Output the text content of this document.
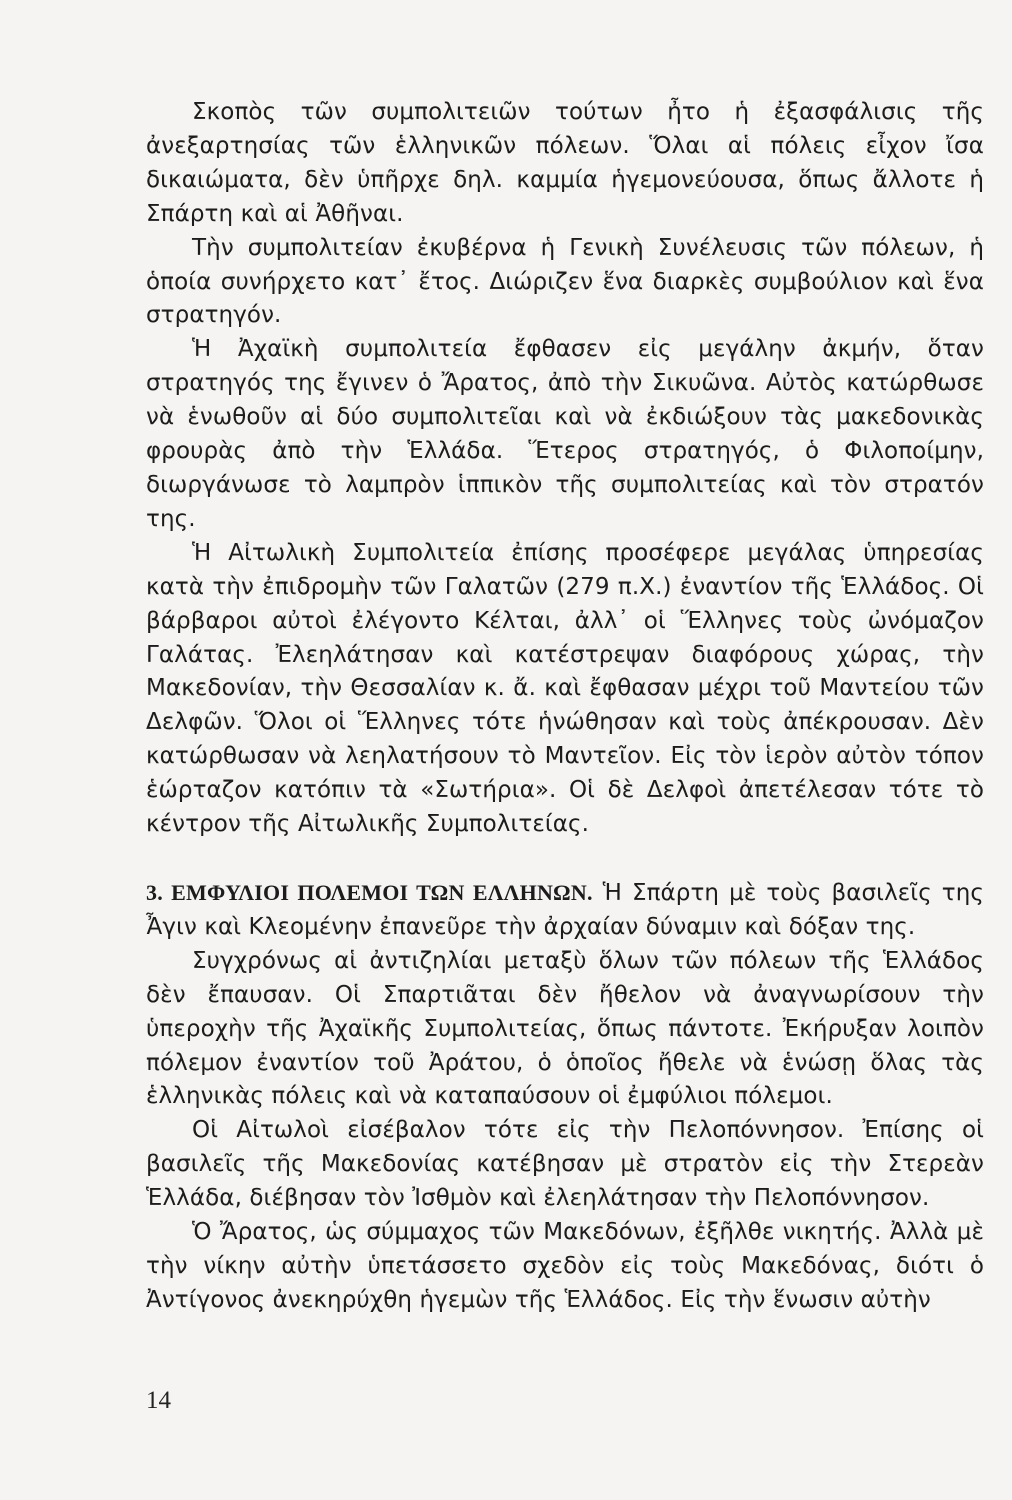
Σκοπὸς τῶν συμπολιτειῶν τούτων ἦτο ἡ ἐξασφάλισις τῆς ἀνεξαρτησίας τῶν ἑλληνικῶν πόλεων. Ὅλαι αἱ πόλεις εἶχον ἴσα δικαιώματα, δὲν ὑπῆρχε δηλ. καμμία ἡγεμονεύουσα, ὅπως ἄλλοτε ἡ Σπάρτη καὶ αἱ Ἀθῆναι.

Τὴν συμπολιτείαν ἐκυβέρνα ἡ Γενικὴ Συνέλευσις τῶν πόλεων, ἡ ὁποία συνήρχετο κατ᾿ ἔτος. Διώριζεν ἕνα διαρκὲς συμβούλιον καὶ ἕνα στρατηγόν.

Ἡ Ἀχαϊκὴ συμπολιτεία ἔφθασεν εἰς μεγάλην ἀκμήν, ὅταν στρατηγός της ἔγινεν ὁ Ἄρατος, ἀπὸ τὴν Σικυῶνα. Αὐτὸς κατώρθωσε νὰ ἑνωθοῦν αἱ δύο συμπολιτεῖαι καὶ νὰ ἐκδιώξουν τὰς μακεδονικὰς φρουρὰς ἀπὸ τὴν Ἑλλάδα. Ἕτερος στρατηγός, ὁ Φιλοποίμην, διωργάνωσε τὸ λαμπρὸν ἱππικὸν τῆς συμπολιτείας καὶ τὸν στρατόν της.

Ἡ Αἰτωλικὴ Συμπολιτεία ἐπίσης προσέφερε μεγάλας ὑπηρεσίας κατὰ τὴν ἐπιδρομὴν τῶν Γαλατῶν (279 π.Χ.) ἐναντίον τῆς Ἑλλάδος. Οἱ βάρβαροι αὐτοὶ ἐλέγοντο Κέλται, ἀλλ᾿ οἱ Ἕλληνες τοὺς ὠνόμαζον Γαλάτας. Ἐλεηλάτησαν καὶ κατέστρεψαν διαφόρους χώρας, τὴν Μακεδονίαν, τὴν Θεσσαλίαν κ. ἄ. καὶ ἔφθασαν μέχρι τοῦ Μαντείου τῶν Δελφῶν. Ὅλοι οἱ Ἕλληνες τότε ἡνώθησαν καὶ τοὺς ἀπέκρουσαν. Δὲν κατώρθωσαν νὰ λεηλατήσουν τὸ Μαντεῖον. Εἰς τὸν ἱερὸν αὐτὸν τόπον ἑώρταζον κατόπιν τὰ «Σωτήρια». Οἱ δὲ Δελφοὶ ἀπετέλεσαν τότε τὸ κέντρον τῆς Αἰτωλικῆς Συμπολιτείας.

3. ΕΜΦΥΛΙΟΙ ΠΟΛΕΜΟΙ ΤΩΝ ΕΛΛΗΝΩΝ. Ἡ Σπάρτη μὲ τοὺς βασιλεῖς της Ἆγιν καὶ Κλεομένην ἐπανεῦρε τὴν ἀρχαίαν δύναμιν καὶ δόξαν της.

Συγχρόνως αἱ ἀντιζηλίαι μεταξὺ ὅλων τῶν πόλεων τῆς Ἑλλάδος δὲν ἔπαυσαν. Οἱ Σπαρτιᾶται δὲν ἤθελον νὰ ἀναγνωρίσουν τὴν ὑπεροχὴν τῆς Ἀχαϊκῆς Συμπολιτείας, ὅπως πάντοτε. Ἐκήρυξαν λοιπὸν πόλεμον ἐναντίον τοῦ Ἀράτου, ὁ ὁποῖος ἤθελε νὰ ἑνώσῃ ὅλας τὰς ἑλληνικὰς πόλεις καὶ νὰ καταπαύσουν οἱ ἐμφύλιοι πόλεμοι.

Οἱ Αἰτωλοὶ εἰσέβαλον τότε εἰς τὴν Πελοπόννησον. Ἐπίσης οἱ βασιλεῖς τῆς Μακεδονίας κατέβησαν μὲ στρατὸν εἰς τὴν Στερεὰν Ἑλλάδα, διέβησαν τὸν Ἰσθμὸν καὶ ἐλεηλάτησαν τὴν Πελοπόννησον.

Ὁ Ἄρατος, ὡς σύμμαχος τῶν Μακεδόνων, ἐξῆλθε νικητής. Ἀλλὰ μὲ τὴν νίκην αὐτὴν ὑπετάσσετο σχεδὸν εἰς τοὺς Μακεδόνας, διότι ὁ Ἀντίγονος ἀνεκηρύχθη ἡγεμὼν τῆς Ἑλλάδος. Εἰς τὴν ἕνωσιν αὐτὴν

14
